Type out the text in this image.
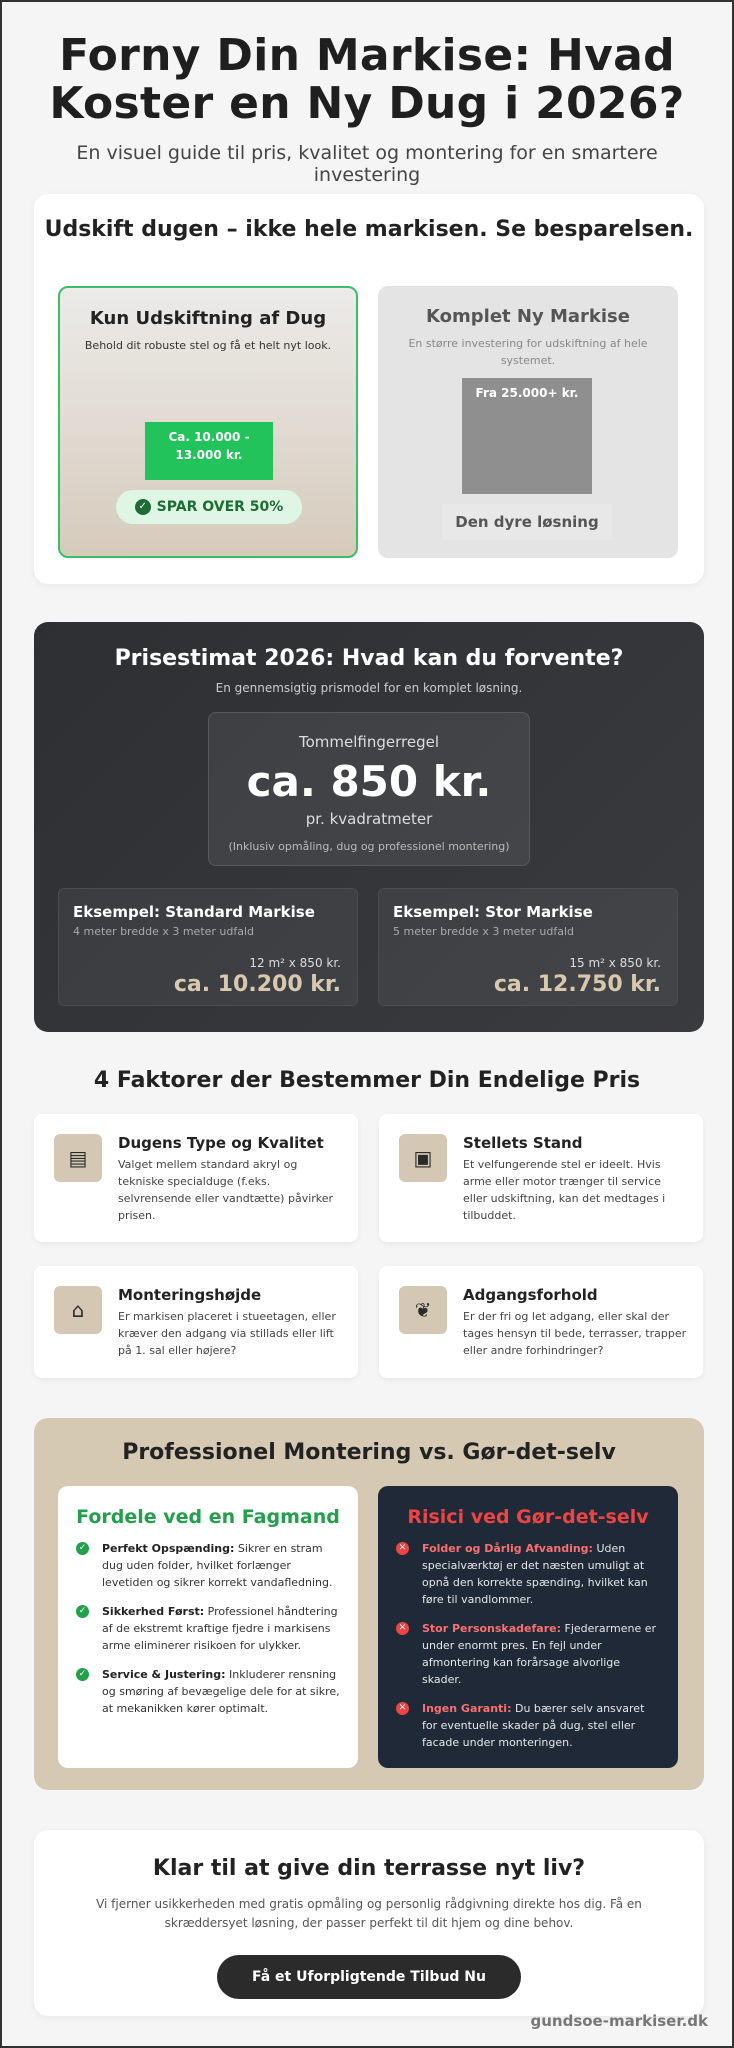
Forny Din Markise: Hvad Koster en Ny Dug i 2026?

En visuel guide til pris, kvalitet og montering for en smartere investering

Udskift dugen – ikke hele markisen. Se besparelsen.
Kun Udskiftning af Dug
Behold dit robuste stel og få et helt nyt look.
Ca. 10.000 - 13.000 kr.
✓ SPAR OVER 50%
Komplet Ny Markise
En større investering for udskiftning af hele systemet.
Fra 25.000+ kr.
Den dyre løsning
Prisestimat 2026: Hvad kan du forvente?
En gennemsigtig prismodel for en komplet løsning.
Tommelfingerregel
ca. 850 kr.
pr. kvadratmeter
(Inklusiv opmåling, dug og professionel montering)
Eksempel: Standard Markise
4 meter bredde x 3 meter udfald
12 m² x 850 kr.
ca. 10.200 kr.
Eksempel: Stor Markise
5 meter bredde x 3 meter udfald
15 m² x 850 kr.
ca. 12.750 kr.
4 Faktorer der Bestemmer Din Endelige Pris
▤
Dugens Type og Kvalitet

Valget mellem standard akryl og tekniske specialduge (f.eks. selvrensende eller vandtætte) påvirker prisen.

▣
Stellets Stand

Et velfungerende stel er ideelt. Hvis arme eller motor trænger til service eller udskiftning, kan det medtages i tilbuddet.

⌂
Monteringshøjde

Er markisen placeret i stueetagen, eller kræver den adgang via stillads eller lift på 1. sal eller højere?

❦
Adgangsforhold

Er der fri og let adgang, eller skal der tages hensyn til bede, terrasser, trapper eller andre forhindringer?

Professionel Montering vs. Gør-det-selv
Fordele ved en Fagmand
✓ Perfekt Opspænding: Sikrer en stram dug uden folder, hvilket forlænger levetiden og sikrer korrekt vandafledning.
✓ Sikkerhed Først: Professionel håndtering af de ekstremt kraftige fjedre i markisens arme eliminerer risikoen for ulykker.
✓ Service & Justering: Inkluderer rensning og smøring af bevægelige dele for at sikre, at mekanikken kører optimalt.
Risici ved Gør-det-selv
✕ Folder og Dårlig Afvanding: Uden specialværktøj er det næsten umuligt at opnå den korrekte spænding, hvilket kan føre til vandlommer.
✕ Stor Personskadefare: Fjederarmene er under enormt pres. En fejl under afmontering kan forårsage alvorlige skader.
✕ Ingen Garanti: Du bærer selv ansvaret for eventuelle skader på dug, stel eller facade under monteringen.
Klar til at give din terrasse nyt liv?

Vi fjerner usikkerheden med gratis opmåling og personlig rådgivning direkte hos dig. Få en skræddersyet løsning, der passer perfekt til dit hjem og dine behov.

Få et Uforpligtende Tilbud Nu
gundsoe-markiser.dk
